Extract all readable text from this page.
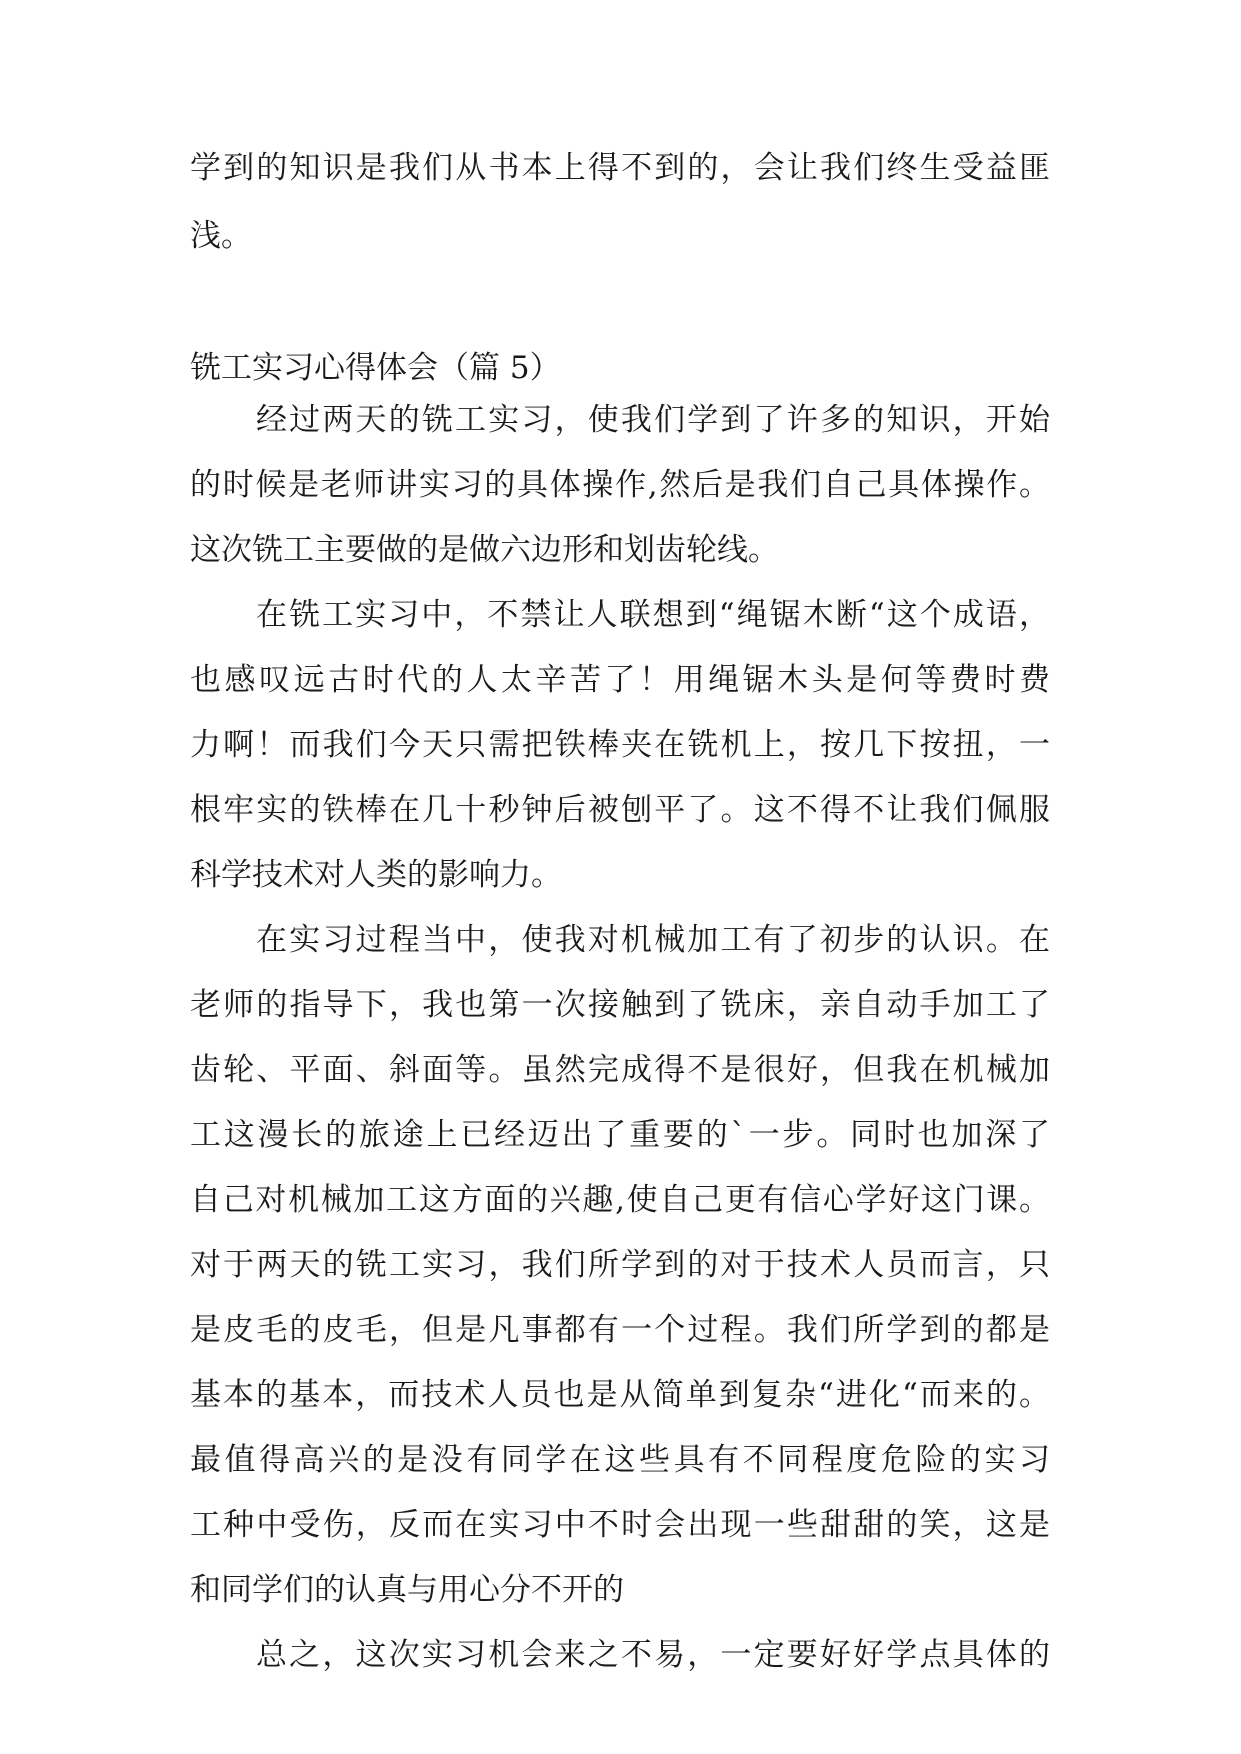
学到的知识是我们从书本上得不到的，会让我们终生受益匪
浅。
铣工实习心得体会（篇 5）
经过两天的铣工实习，使我们学到了许多的知识，开始
的时候是老师讲实习的具体操作,然后是我们自己具体操作。
这次铣工主要做的是做六边形和划齿轮线。
在铣工实习中，不禁让人联想到“绳锯木断“这个成语，
也感叹远古时代的人太辛苦了！用绳锯木头是何等费时费
力啊！而我们今天只需把铁棒夹在铣机上，按几下按扭，一
根牢实的铁棒在几十秒钟后被刨平了。这不得不让我们佩服
科学技术对人类的影响力。
在实习过程当中，使我对机械加工有了初步的认识。在
老师的指导下，我也第一次接触到了铣床，亲自动手加工了
齿轮、平面、斜面等。虽然完成得不是很好，但我在机械加
工这漫长的旅途上已经迈出了重要的`一步。同时也加深了
自己对机械加工这方面的兴趣,使自己更有信心学好这门课。
对于两天的铣工实习，我们所学到的对于技术人员而言，只
是皮毛的皮毛，但是凡事都有一个过程。我们所学到的都是
基本的基本，而技术人员也是从简单到复杂“进化“而来的。
最值得高兴的是没有同学在这些具有不同程度危险的实习
工种中受伤，反而在实习中不时会出现一些甜甜的笑，这是
和同学们的认真与用心分不开的
总之，这次实习机会来之不易，一定要好好学点具体的
